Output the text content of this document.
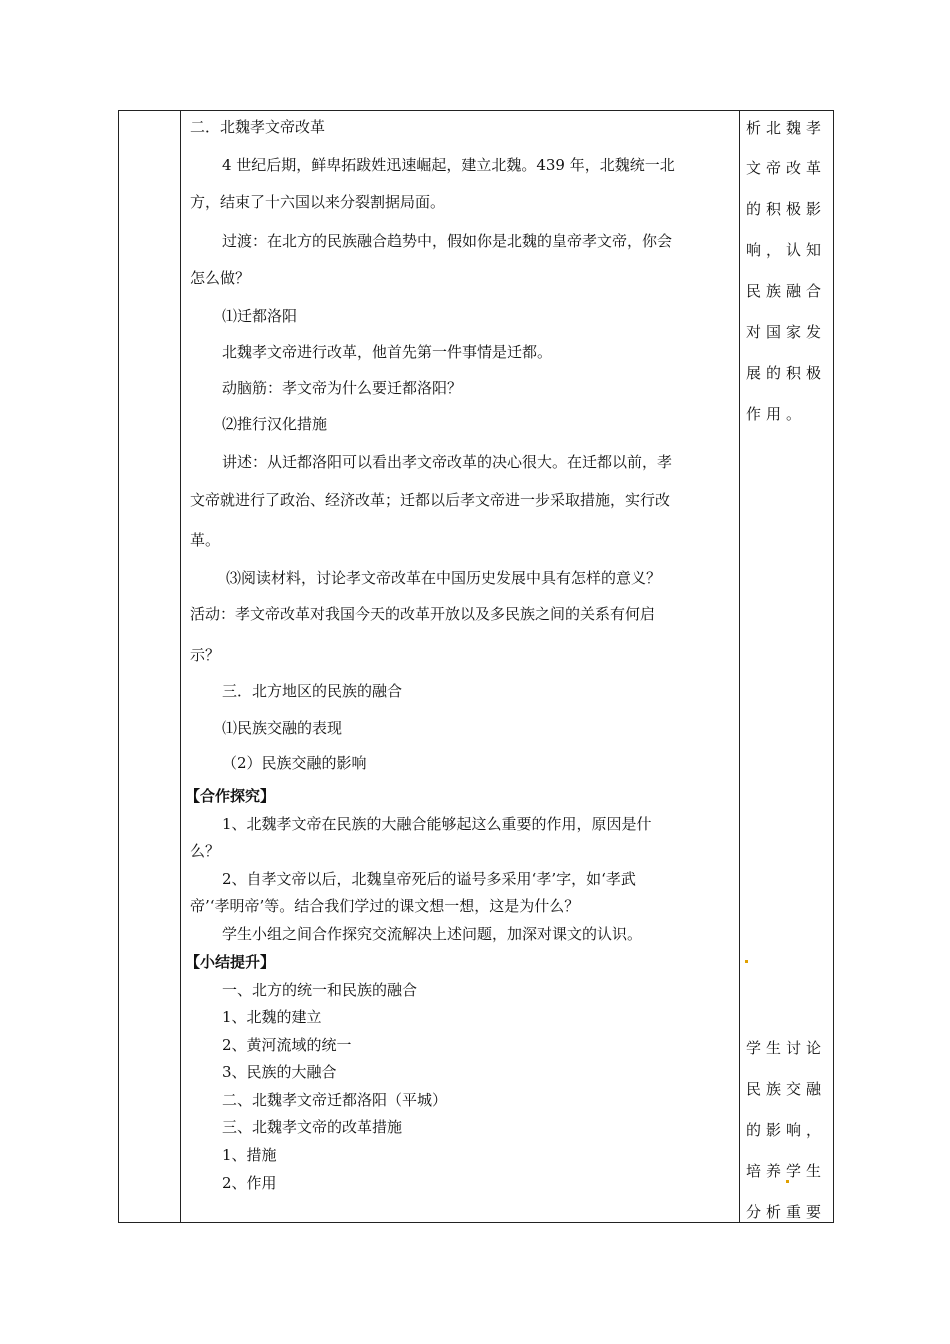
二．北魏孝文帝改革
4 世纪后期，鲜卑拓跋姓迅速崛起，建立北魏。439 年，北魏统一北
方，结束了十六国以来分裂割据局面。
过渡：在北方的民族融合趋势中，假如你是北魏的皇帝孝文帝，你会
怎么做？
⑴迁都洛阳
北魏孝文帝进行改革，他首先第一件事情是迁都。
动脑筋：孝文帝为什么要迁都洛阳？
⑵推行汉化措施
讲述：从迁都洛阳可以看出孝文帝改革的决心很大。在迁都以前，孝
文帝就进行了政治、经济改革；迁都以后孝文帝进一步采取措施，实行改
革。
⑶阅读材料，讨论孝文帝改革在中国历史发展中具有怎样的意义？
活动：孝文帝改革对我国今天的改革开放以及多民族之间的关系有何启
示？
三．北方地区的民族的融合
⑴民族交融的表现
（2）民族交融的影响
【合作探究】
1、北魏孝文帝在民族的大融合能够起这么重要的作用，原因是什
么？
2、自孝文帝以后，北魏皇帝死后的谥号多采用‘孝’字，如‘孝武
帝’‘孝明帝’等。结合我们学过的课文想一想，这是为什么？
学生小组之间合作探究交流解决上述问题，加深对课文的认识。
【小结提升】
一、北方的统一和民族的融合
1、北魏的建立
2、黄河流域的统一
3、民族的大融合
二、北魏孝文帝迁都洛阳（平城）
三、北魏孝文帝的改革措施
1、措施
2、作用
析北魏孝
文帝改革
的积极影
响，认知
民族融合
对国家发
展的积极
作用。
学生讨论
民族交融
的影响，
培养学生
分析重要
